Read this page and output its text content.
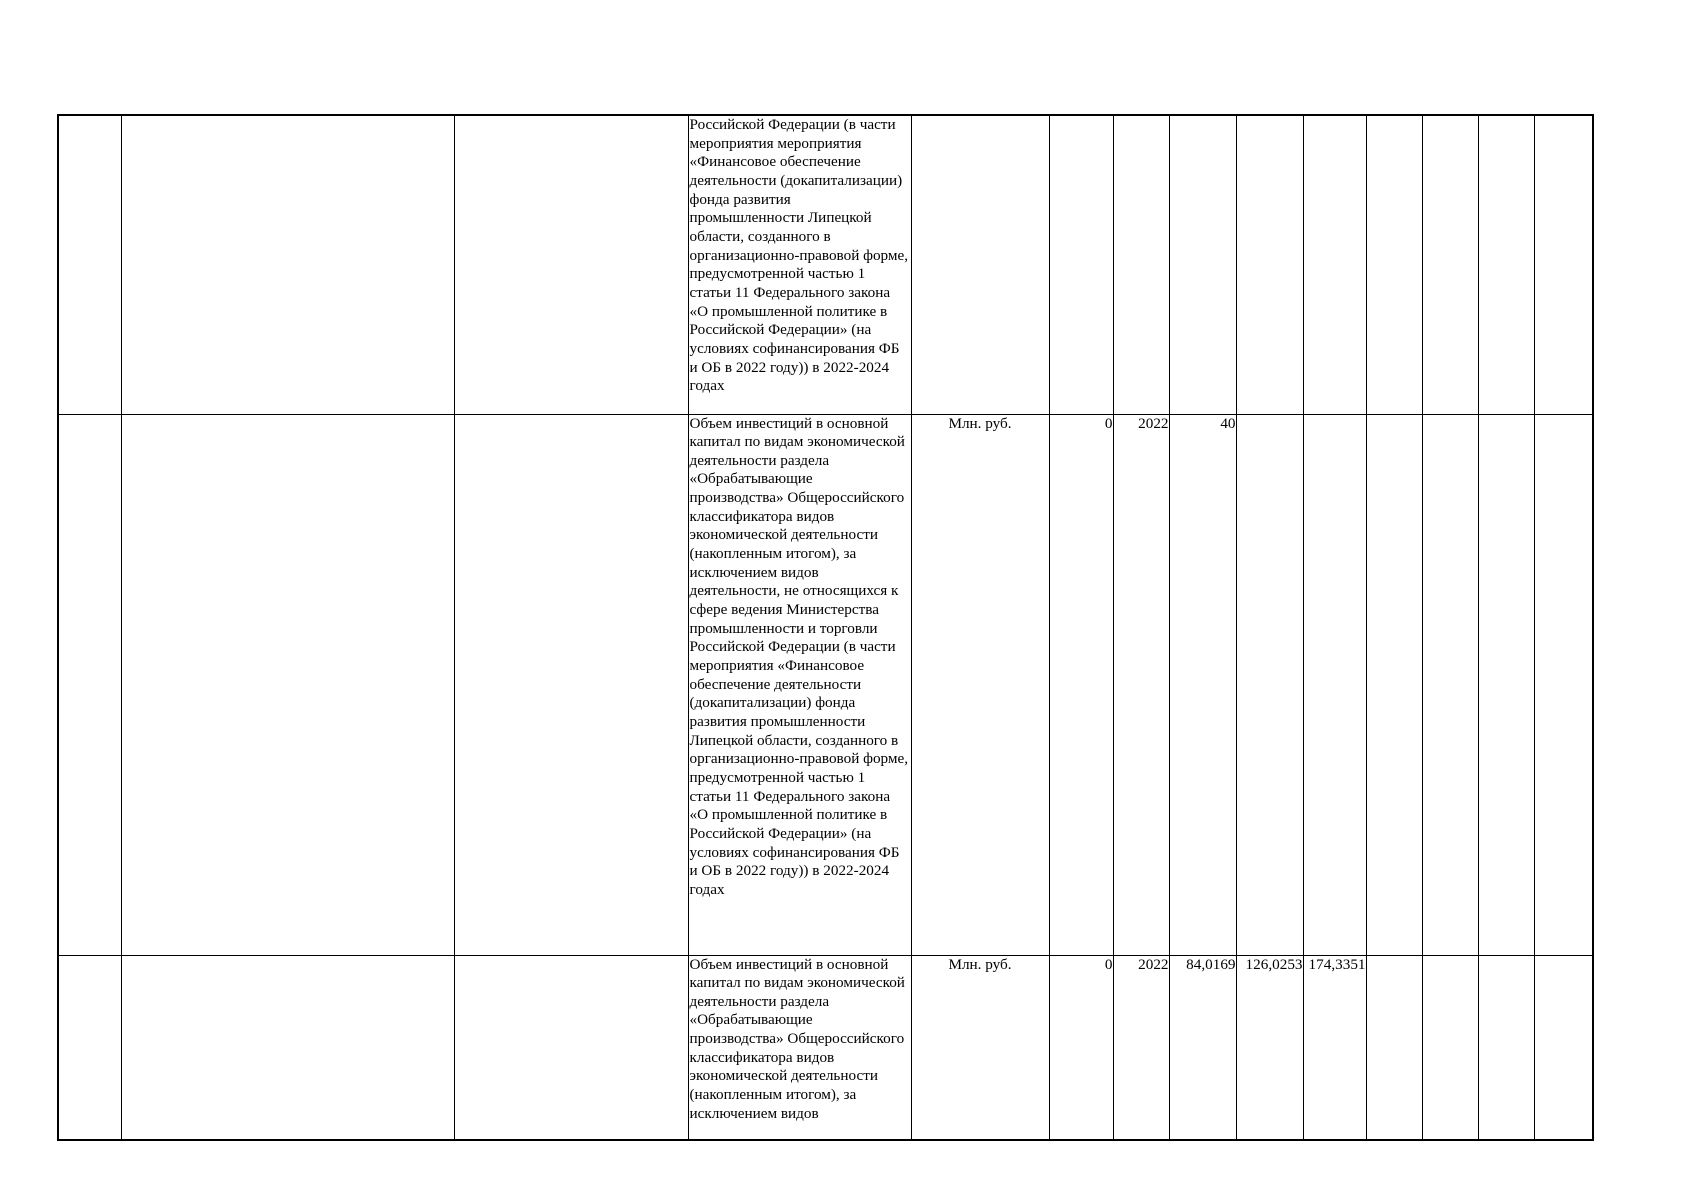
			Российской Федерации (в части мероприятия мероприятия «Финансовое обеспечение деятельности (докапитализации) фонда развития промышленности Липецкой области, созданного в организационно-правовой форме, предусмотренной частью 1 статьи 11 Федерального закона «О промышленной политике в Российской Федерации» (на условиях софинансирования ФБ и ОБ в 2022 году)) в 2022-2024 годах										
			Объем инвестиций в основной капитал по видам экономической деятельности раздела «Обрабатывающие производства» Общероссийского классификатора видов экономической деятельности (накопленным итогом), за исключением видов деятельности, не относящихся к сфере ведения Министерства промышленности и торговли Российской Федерации (в части мероприятия «Финансовое обеспечение деятельности (докапитализации) фонда развития промышленности Липецкой области, созданного в организационно-правовой форме, предусмотренной частью 1 статьи 11 Федерального закона «О промышленной политике в Российской Федерации» (на условиях софинансирования ФБ и ОБ в 2022 году)) в 2022-2024 годах	Млн. руб.	0	2022	40						
			Объем инвестиций в основной капитал по видам экономической деятельности раздела «Обрабатывающие производства» Общероссийского классификатора видов экономической деятельности (накопленным итогом), за исключением видов	Млн. руб.	0	2022	84,0169	126,0253	174,3351				
